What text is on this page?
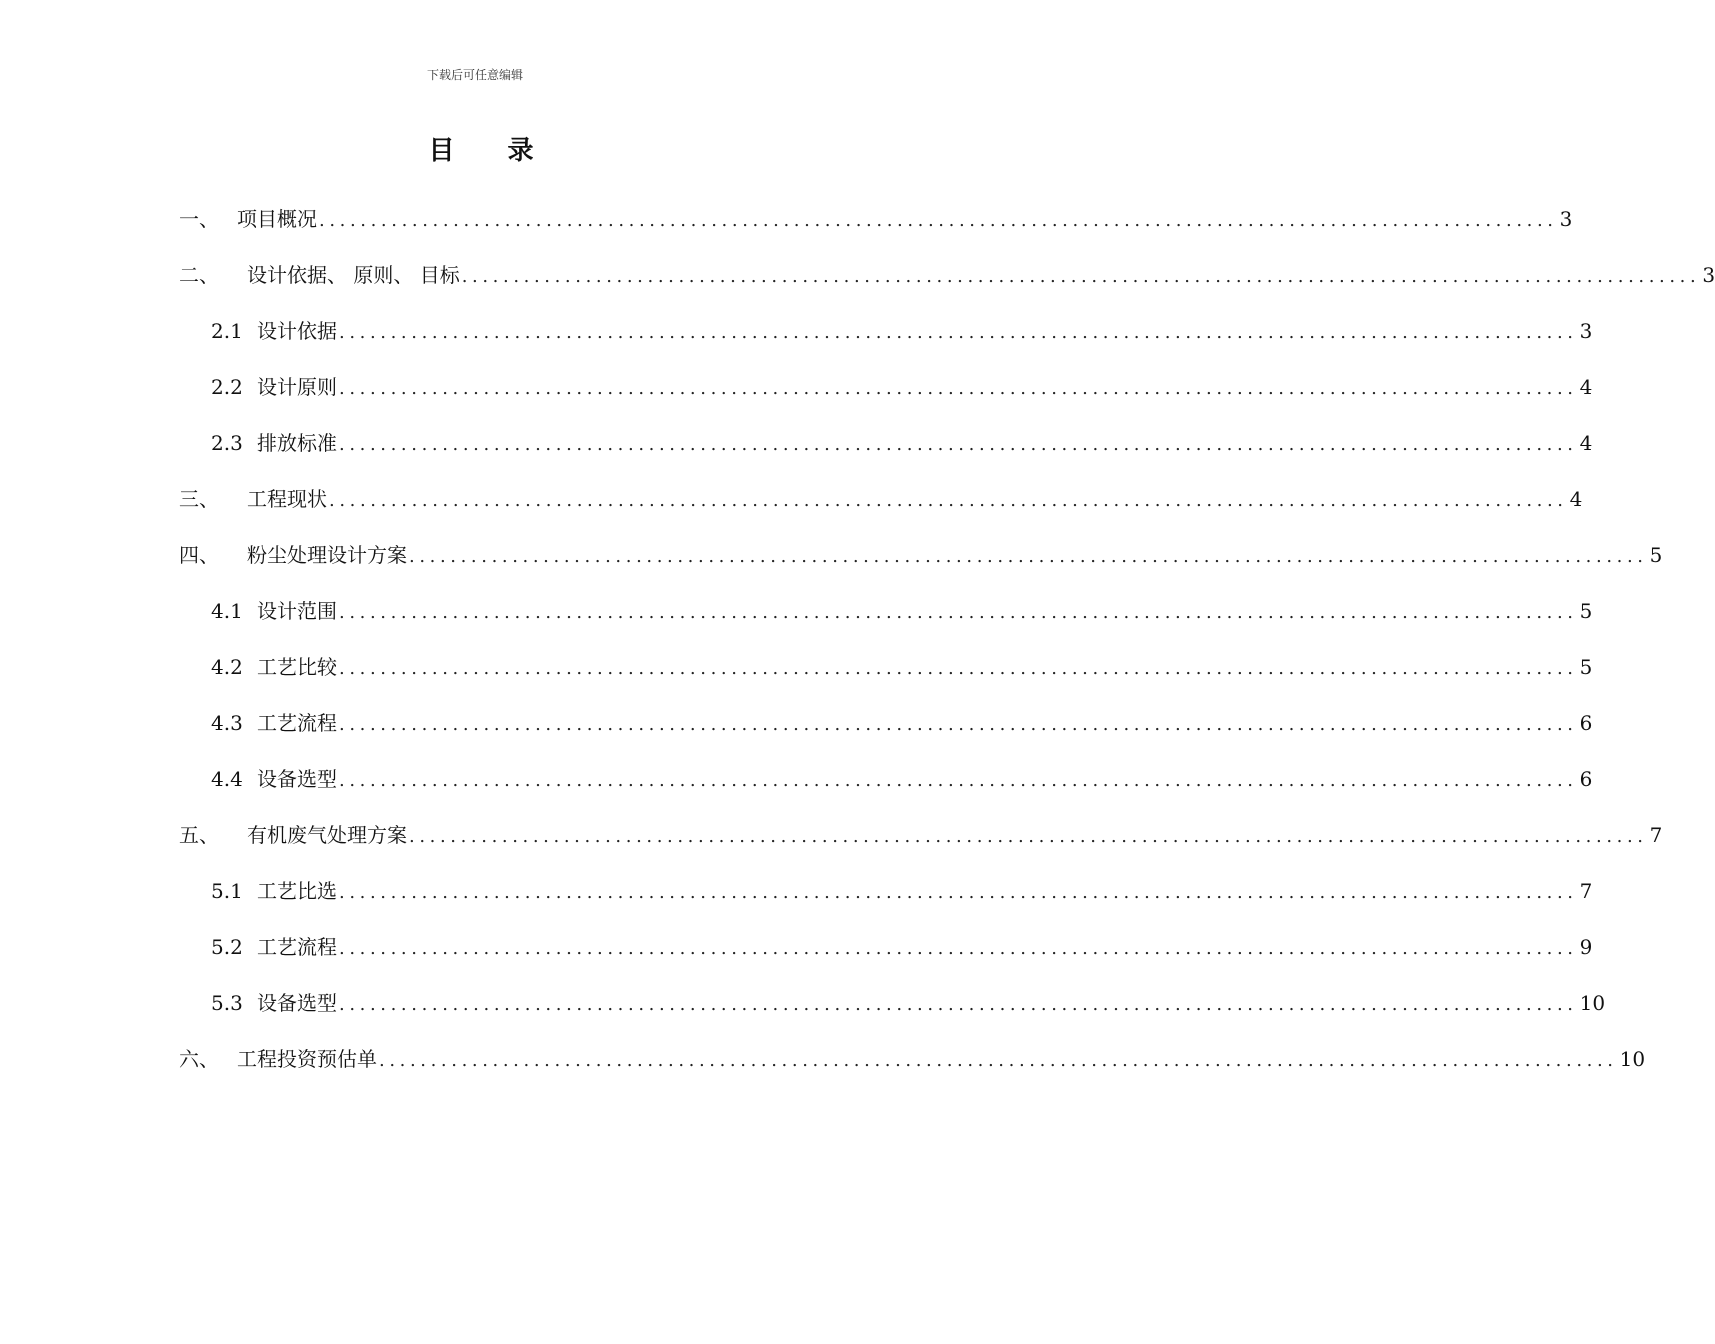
下载后可任意编辑
目 录
一、 项目概况 ........................................................................................................................ 3
二、	设计依据、 原则、 目标 ........................................................................................................................ 3
2.1 设计依据 ........................................................................................................................ 3
2.2 设计原则 ........................................................................................................................ 4
2.3 排放标准 ........................................................................................................................ 4
三、	工程现状 ........................................................................................................................ 4
四、	粉尘处理设计方案 ........................................................................................................................ 5
4.1 设计范围 ........................................................................................................................ 5
4.2 工艺比较 ........................................................................................................................ 5
4.3 工艺流程 ........................................................................................................................ 6
4.4 设备选型 ........................................................................................................................ 6
五、	有机废气处理方案 ........................................................................................................................ 7
5.1 工艺比选 ........................................................................................................................ 7
5.2 工艺流程 ........................................................................................................................ 9
5.3 设备选型 ........................................................................................................................ 10
六、 工程投资预估单 ........................................................................................................................ 10
